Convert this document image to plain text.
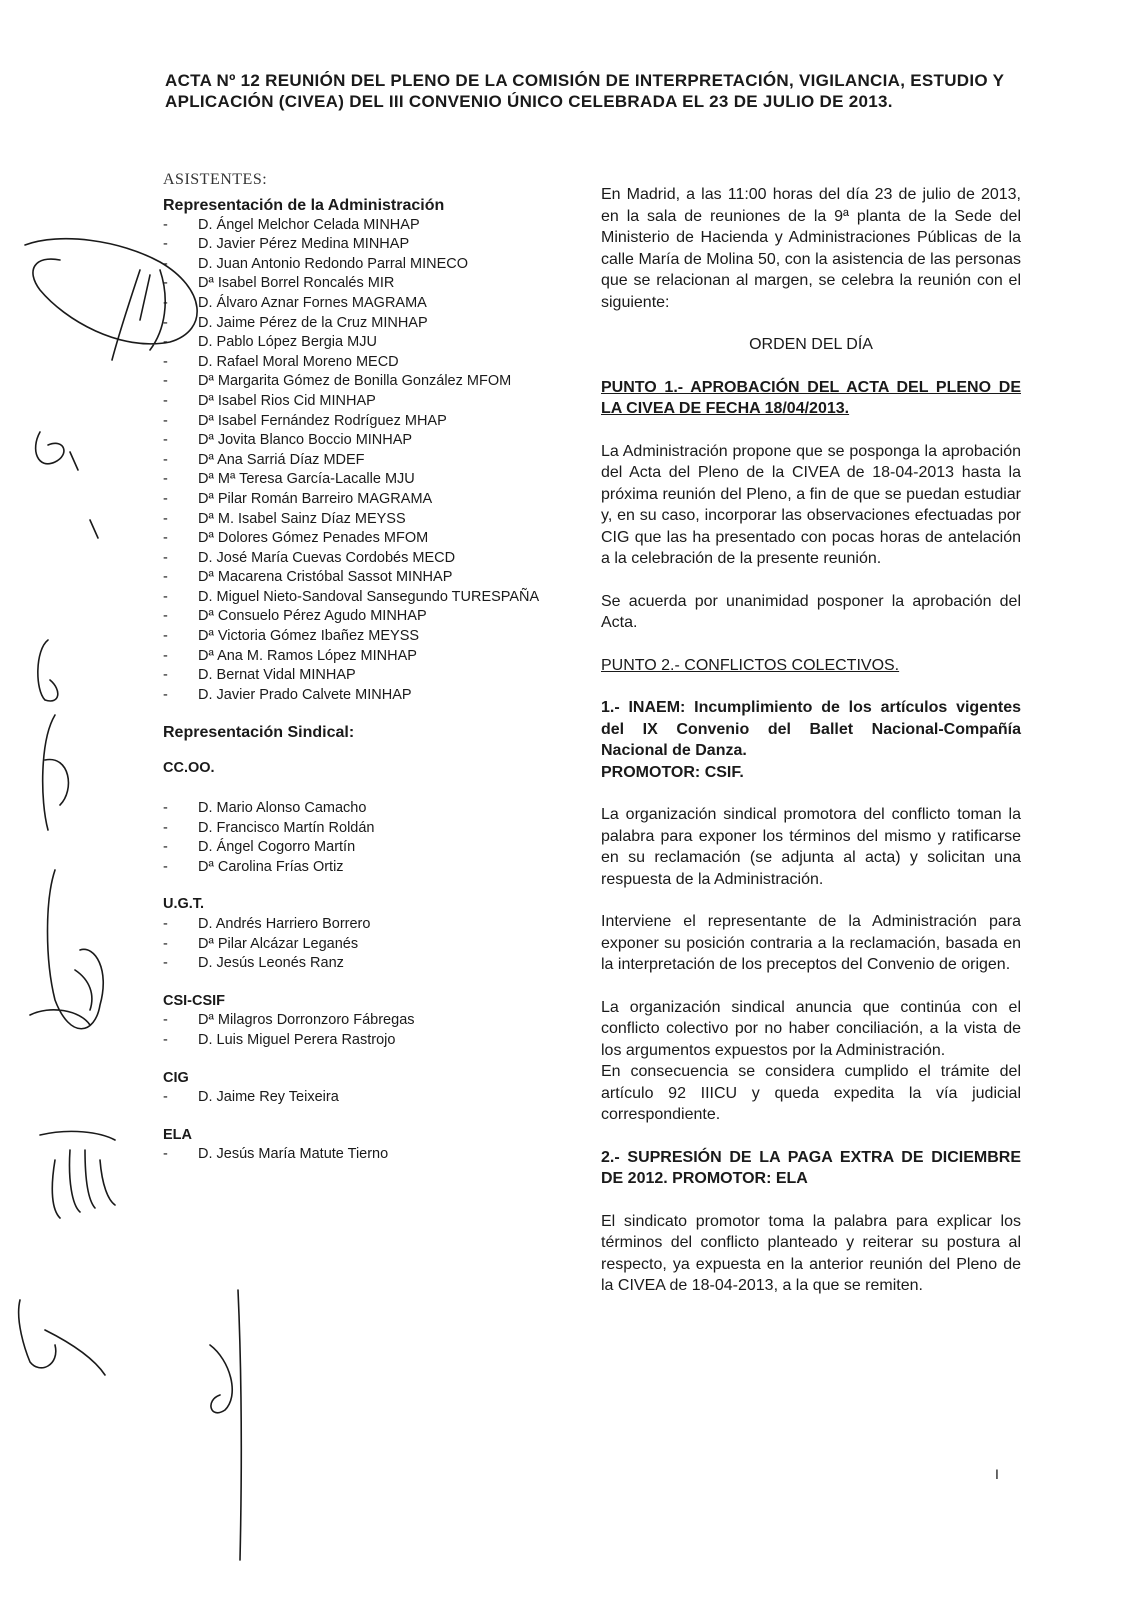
ACTA Nº 12 REUNIÓN DEL PLENO DE LA COMISIÓN DE INTERPRETACIÓN, VIGILANCIA, ESTUDIO Y APLICACIÓN (CIVEA) DEL III CONVENIO ÚNICO CELEBRADA EL 23 DE JULIO DE 2013.

ASISTENTES:

Representación de la Administración

- D. Ángel Melchor Celada MINHAP
- D. Javier Pérez Medina MINHAP
- D. Juan Antonio Redondo Parral MINECO
- Dª Isabel Borrel Roncalés MIR
- D. Álvaro Aznar Fornes MAGRAMA
- D. Jaime Pérez de la Cruz MINHAP
- D. Pablo López Bergia MJU
- D. Rafael Moral Moreno MECD
- Dª Margarita Gómez de Bonilla González MFOM
- Dª Isabel Rios Cid MINHAP
- Dª Isabel Fernández Rodríguez MHAP
- Dª Jovita Blanco Boccio MINHAP
- Dª Ana Sarriá Díaz MDEF
- Dª Mª Teresa García-Lacalle MJU
- Dª Pilar Román Barreiro MAGRAMA
- Dª M. Isabel Sainz Díaz MEYSS
- Dª Dolores Gómez Penades MFOM
- D. José María Cuevas Cordobés MECD
- Dª Macarena Cristóbal Sassot MINHAP
- D. Miguel Nieto-Sandoval Sansegundo TURESPAÑA
- Dª Consuelo Pérez Agudo MINHAP
- Dª Victoria Gómez Ibañez MEYSS
- Dª Ana M. Ramos López MINHAP
- D. Bernat Vidal MINHAP
- D. Javier Prado Calvete MINHAP

Representación Sindical:

CC.OO.

- D. Mario Alonso Camacho
- D. Francisco Martín Roldán
- D. Ángel Cogorro Martín
- Dª Carolina Frías Ortiz

U.G.T.

- D. Andrés Harriero Borrero
- Dª Pilar Alcázar Leganés
- D. Jesús Leonés Ranz

CSI-CSIF

- Dª Milagros Dorronzoro Fábregas
- D. Luis Miguel Perera Rastrojo

CIG

- D. Jaime Rey Teixeira

ELA

- D. Jesús María Matute Tierno

En Madrid, a las 11:00 horas del día 23 de julio de 2013, en la sala de reuniones de la 9ª planta de la Sede del Ministerio de Hacienda y Administraciones Públicas de la calle María de Molina 50, con la asistencia de las personas que se relacionan al margen, se celebra la reunión con el siguiente:

ORDEN DEL DÍA

PUNTO 1.- APROBACIÓN DEL ACTA DEL PLENO DE LA CIVEA DE FECHA 18/04/2013.

La Administración propone que se posponga la aprobación del Acta del Pleno de la CIVEA de 18-04-2013 hasta la próxima reunión del Pleno, a fin de que se puedan estudiar y, en su caso, incorporar las observaciones efectuadas por CIG que las ha presentado con pocas horas de antelación a la celebración de la presente reunión.

Se acuerda por unanimidad posponer la aprobación del Acta.

PUNTO 2.- CONFLICTOS COLECTIVOS.

1.- INAEM: Incumplimiento de los artículos vigentes del IX Convenio del Ballet Nacional-Compañía Nacional de Danza.

PROMOTOR: CSIF.

La organización sindical promotora del conflicto toman la palabra para exponer los términos del mismo y ratificarse en su reclamación (se adjunta al acta) y solicitan una respuesta de la Administración.

Interviene el representante de la Administración para exponer su posición contraria a la reclamación, basada en la interpretación de los preceptos del Convenio de origen.

La organización sindical anuncia que continúa con el conflicto colectivo por no haber conciliación, a la vista de los argumentos expuestos por la Administración.

En consecuencia se considera cumplido el trámite del artículo 92 IIICU y queda expedita la vía judicial correspondiente.

2.- SUPRESIÓN DE LA PAGA EXTRA DE DICIEMBRE DE 2012. PROMOTOR: ELA

El sindicato promotor toma la palabra para explicar los términos del conflicto planteado y reiterar su postura al respecto, ya expuesta en la anterior reunión del Pleno de la CIVEA de 18-04-2013, a la que se remiten.

I
